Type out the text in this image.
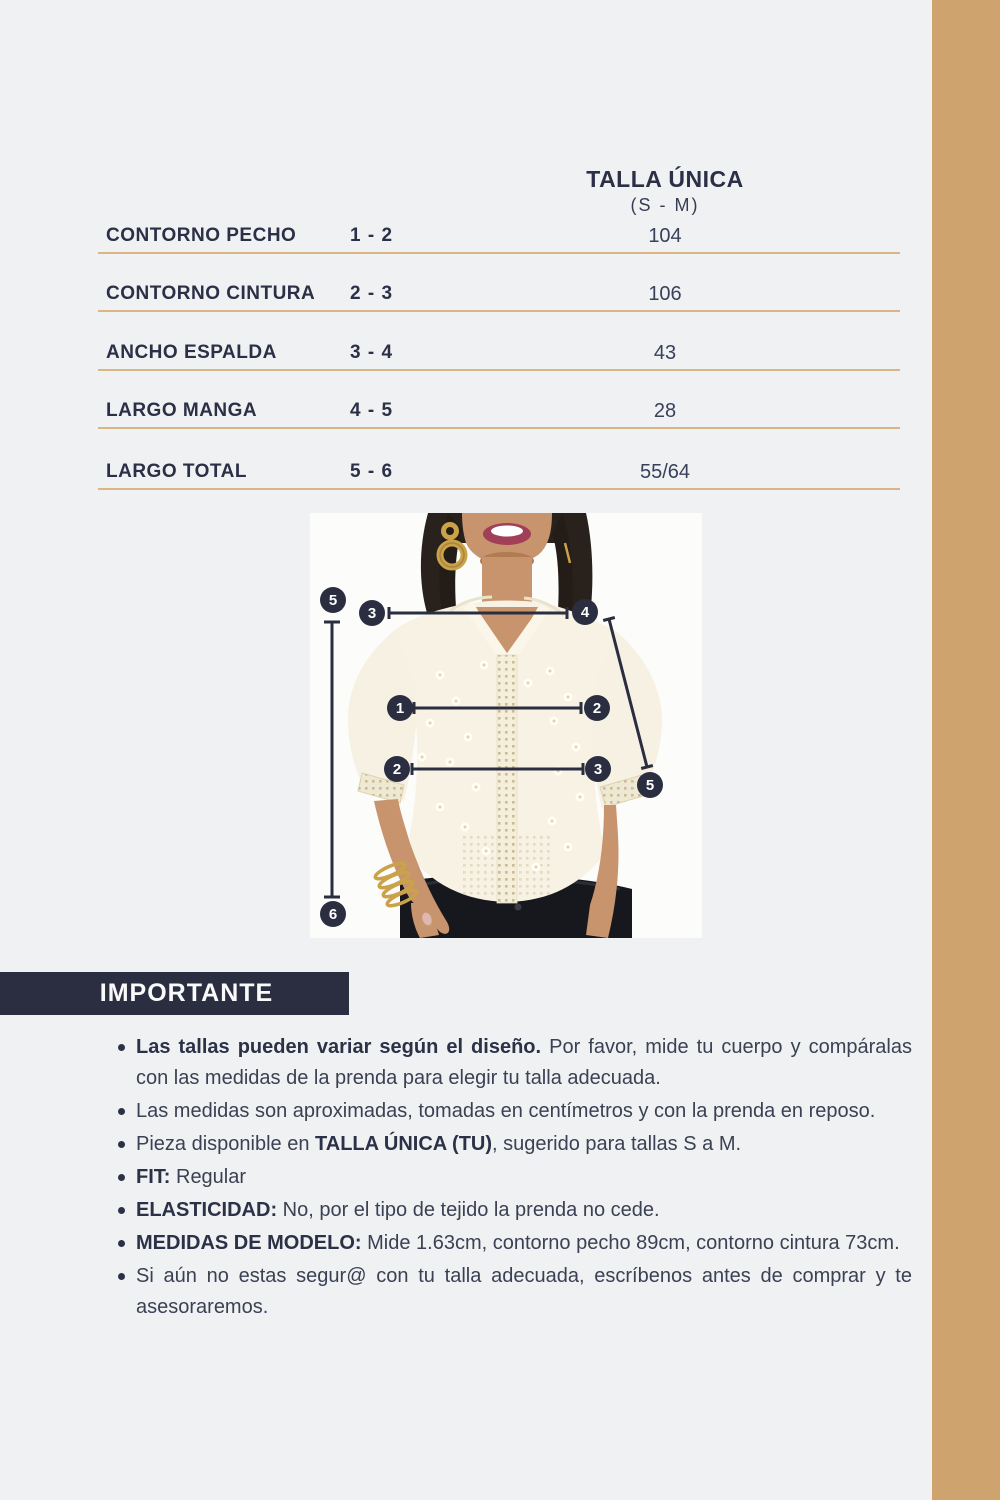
TALLA ÚNICA
(S - M)
CONTORNO PECHO	1 - 2	104
CONTORNO CINTURA 2 - 3	106
ANCHO ESPALDA	3 - 4	43
LARGO MANGA	4 - 5	28
LARGO TOTAL	5 - 6	55/64
5
3	4
1	2
2	3
5
6
IMPORTANTE
Las tallas pueden variar según el diseño. Por favor, mide tu cuerpo y compáralas con las medidas de la prenda para elegir tu talla adecuada.
Las medidas son aproximadas, tomadas en centímetros y con la prenda en reposo.
Pieza disponible en TALLA ÚNICA (TU), sugerido para tallas S a M.
FIT: Regular
ELASTICIDAD: No, por el tipo de tejido la prenda no cede.
MEDIDAS DE MODELO: Mide 1.63cm, contorno pecho 89cm, contorno cintura 73cm.
Si aún no estas segur@ con tu talla adecuada, escríbenos antes de comprar y te asesoraremos.
